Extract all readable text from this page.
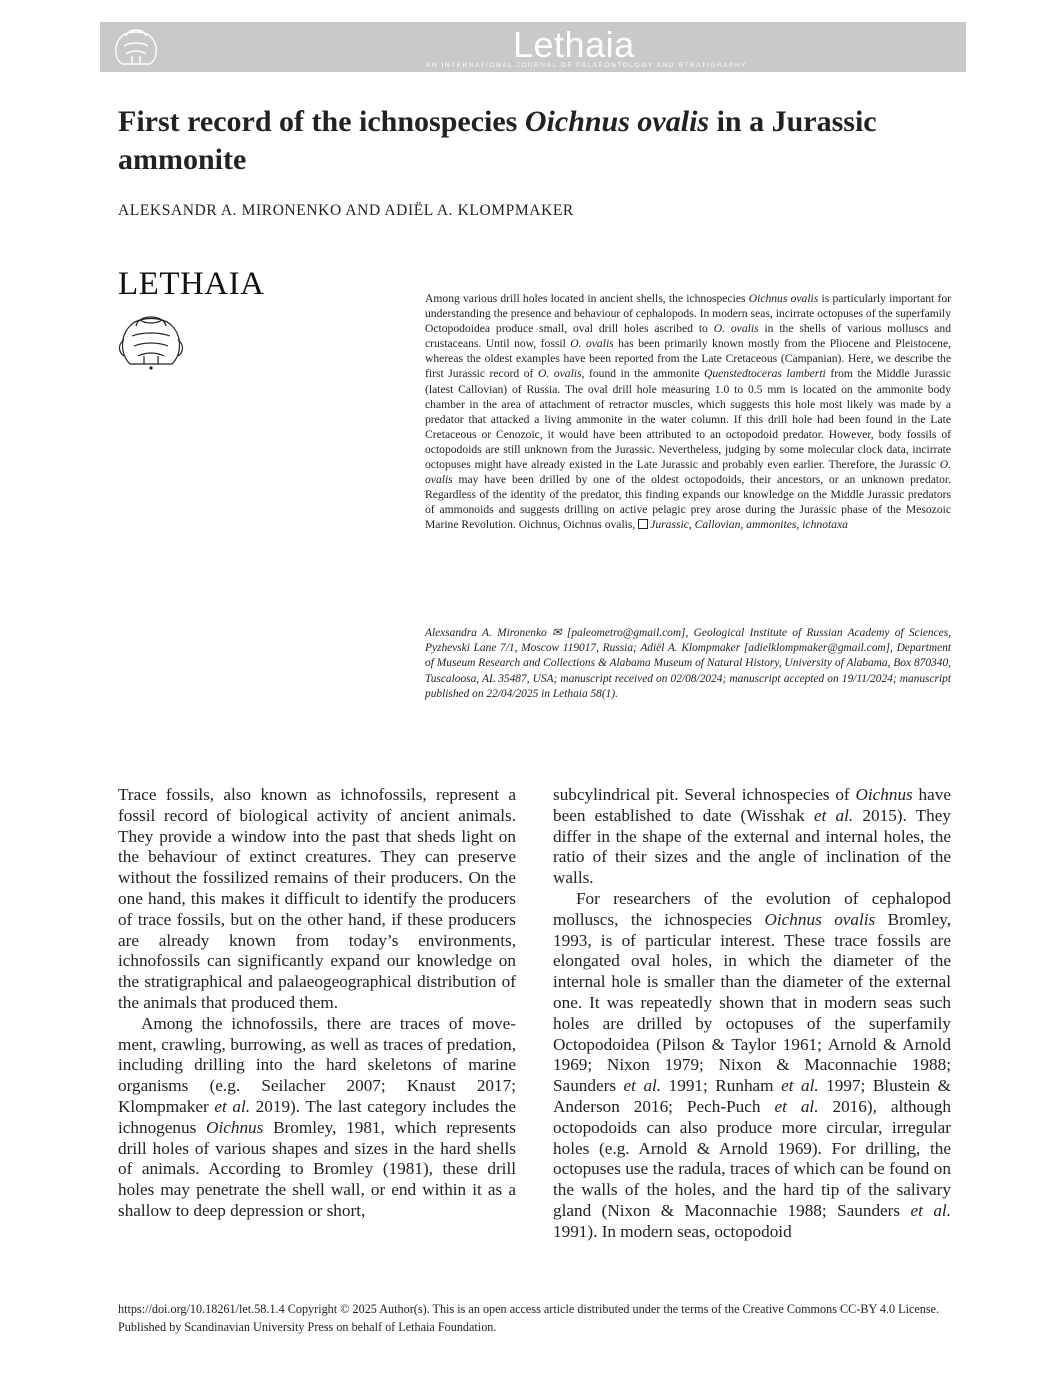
Lethaia
AN INTERNATIONAL JOURNAL OF PALAEONTOLOGY AND STRATIGRAPHY
First record of the ichnospecies Oichnus ovalis in a Jurassic ammonite
ALEKSANDR A. MIRONENKO AND ADIËL A. KLOMPMAKER
LETHAIA	Among various drill holes located in ancient shells, the ichnospecies Oichnus ovalis is particularly important for understanding the presence and behaviour of cephalopods. In modern seas, incirrate octopuses of the superfamily Octopodoidea produce small, oval drill holes ascribed to O. ovalis in the shells of various molluscs and crustaceans. Until now, fossil O. ovalis has been primarily known mostly from the Pliocene and Pleistocene, whereas the oldest examples have been reported from the Late Cretaceous (Campanian). Here, we describe the first Jurassic record of O. ovalis, found in the ammonite Quenstedtoceras lamberti from the Middle Jurassic (latest Callovian) of Russia. The oval drill hole measuring 1.0 to 0.5 mm is located on the ammonite body chamber in the area of attachment of retractor muscles, which suggests this hole most likely was made by a predator that attacked a living ammonite in the water column. If this drill hole had been found in the Late Cretaceous or Cenozoic, it would have been attributed to an octopodoid predator. However, body fossils of octopodoids are still unknown from the Jurassic. Nevertheless, judging by some molecular clock data, incirrate octopuses might have already existed in the Late Jurassic and probably even earlier. Therefore, the Jurassic O. ovalis may have been drilled by one of the oldest octopodoids, their ancestors, or an unknown predator. Regardless of the identity of the predator, this finding expands our knowledge on the Middle Jurassic predators of ammonoids and suggests drilling on active pelagic prey arose during the Jurassic phase of the Mesozoic Marine Revolution. Oichnus, Oichnus ovalis, Jurassic, Callovian, ammonites, ichnotaxa
Alexsandra A. Mironenko ✉ [paleometro@gmail.com], Geological Institute of Russian Academy of Sciences, Pyzhevski Lane 7/1, Moscow 119017, Russia; Adiël A. Klompmaker [adielklompmaker@gmail.com], Department of Museum Research and Collections & Alabama Museum of Natural History, University of Alabama, Box 870340, Tuscaloosa, AL 35487, USA; manuscript received on 02/08/2024; manuscript accepted on 19/11/2024; manuscript published on 22/04/2025 in Lethaia 58(1).

Trace fossils, also known as ichnofossils, represent a fossil record of biological activity of ancient animals. They provide a window into the past that sheds light on the behaviour of extinct creatures. They can preserve without the fossilized remains of their producers. On the one hand, this makes it difficult to identify the producers of trace fossils, but on the other hand, if these producers are already known from today’s environments, ichnofossils can significantly expand our knowledge on the stratigraphical and palaeogeographical distribution of the animals that produced them.

Among the ichnofossils, there are traces of movement, crawling, burrowing, as well as traces of predation, including drilling into the hard skeletons of marine organisms (e.g. Seilacher 2007; Knaust 2017; Klompmaker et al. 2019). The last category includes the ichnogenus Oichnus Bromley, 1981, which represents drill holes of various shapes and sizes in the hard shells of animals. According to Bromley (1981), these drill holes may penetrate the shell wall, or end within it as a shallow to deep depression or short,

subcylindrical pit. Several ichnospecies of Oichnus have been established to date (Wisshak et al. 2015). They differ in the shape of the external and internal holes, the ratio of their sizes and the angle of inclination of the walls.

For researchers of the evolution of cephalopod molluscs, the ichnospecies Oichnus ovalis Bromley, 1993, is of particular interest. These trace fossils are elongated oval holes, in which the diameter of the internal hole is smaller than the diameter of the external one. It was repeatedly shown that in modern seas such holes are drilled by octopuses of the superfamily Octopodoidea (Pilson & Taylor 1961; Arnold & Arnold 1969; Nixon 1979; Nixon & Maconnachie 1988; Saunders et al. 1991; Runham et al. 1997; Blustein & Anderson 2016; Pech-Puch et al. 2016), although octopodoids can also produce more circular, irregular holes (e.g. Arnold & Arnold 1969). For drilling, the octopuses use the radula, traces of which can be found on the walls of the holes, and the hard tip of the salivary gland (Nixon & Maconnachie 1988; Saunders et al. 1991). In modern seas, octopodoid

https://doi.org/10.18261/let.58.1.4 Copyright © 2025 Author(s). This is an open access article distributed under the terms of the Creative Commons CC-BY 4.0 License. Published by Scandinavian University Press on behalf of Lethaia Foundation.
